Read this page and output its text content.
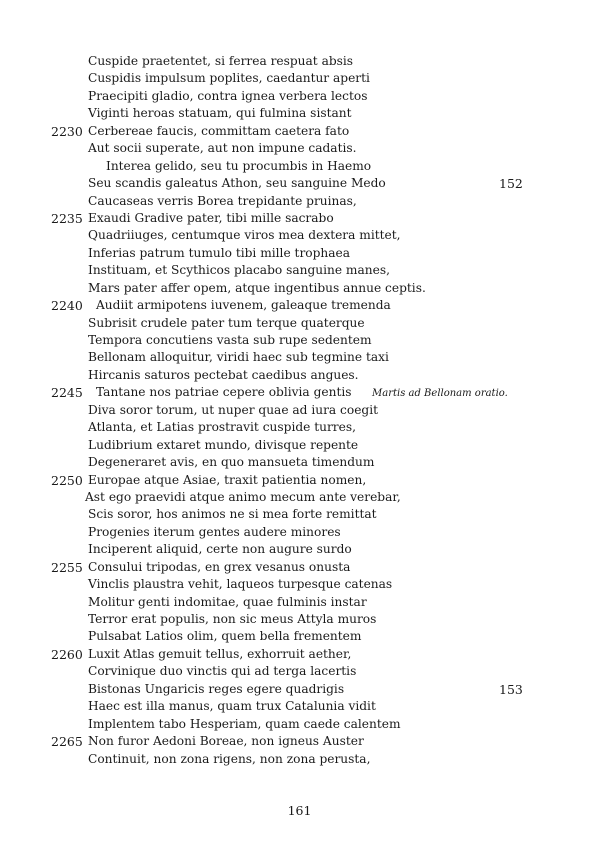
Cuspide praetentet, si ferrea respuat absis
Cuspidis impulsum poplites, caedantur aperti
Praecipiti gladio, contra ignea verbera lectos
Viginti heroas statuam, qui fulmina sistant
2230 Cerbereae faucis, committam caetera fato
Aut socii superate, aut non impune cadatis.
Interea gelido, seu tu procumbis in Haemo
Seu scandis galeatus Athon, seu sanguine Medo	152
Caucaseas verris Borea trepidante pruinas,
2235 Exaudi Gradive pater, tibi mille sacrabo
Quadriiuges, centumque viros mea dextera mittet,
Inferias patrum tumulo tibi mille trophaea
Instituam, et Scythicos placabo sanguine manes,
Mars pater affer opem, atque ingentibus annue ceptis.
2240 Audiit armipotens iuvenem, galeaque tremenda
Subrisit crudele pater tum terque quaterque
Tempora concutiens vasta sub rupe sedentem
Bellonam alloquitur, viridi haec sub tegmine taxi
Hircanis saturos pectebat caedibus angues.
2245 Tantane nos patriae cepere oblivia gentis Martis ad Bellonam oratio.
Diva soror torum, ut nuper quae ad iura coegit
Atlanta, et Latias prostravit cuspide turres,
Ludibrium extaret mundo, divisque repente
Degeneraret avis, en quo mansueta timendum
2250 Europae atque Asiae, traxit patientia nomen,
Ast ego praevidi atque animo mecum ante verebar,
Scis soror, hos animos ne si mea forte remittat
Progenies iterum gentes audere minores
Inciperent aliquid, certe non augure surdo
2255 Consului tripodas, en grex vesanus onusta
Vinclis plaustra vehit, laqueos turpesque catenas
Molitur genti indomitae, quae fulminis instar
Terror erat populis, non sic meus Attyla muros
Pulsabat Latios olim, quem bella frementem
2260 Luxit Atlas gemuit tellus, exhorruit aether,
Corvinique duo vinctis qui ad terga lacertis
Bistonas Ungaricis reges egere quadrigis	153
Haec est illa manus, quam trux Catalunia vidit
Implentem tabo Hesperiam, quam caede calentem
2265 Non furor Aedoni Boreae, non igneus Auster
Continuit, non zona rigens, non zona perusta,
161
